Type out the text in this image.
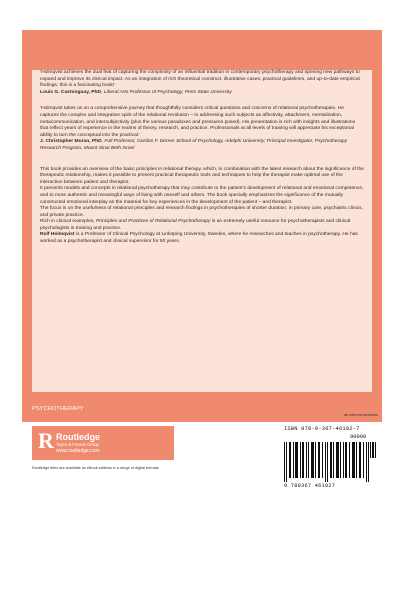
‘Holmqvist achieves the dual feat of capturing the complexity of an influential tradition in contemporary psychotherapy and opening new pathways to expand and improve its clinical impact. As an integration of rich theoretical construct, illustrative cases, practical guidelines, and up-to-date empirical findings, this is a fascinating book!’

Louis G. Castonguay, PhD, Liberal Arts Professor of Psychology, Penn State University

‘Holmqvist takes us on a comprehensive journey that thoughtfully considers critical questions and concerns of relational psychotherapies. He captures the complex and integrative spirit of the relational revolution – in addressing such subjects as affectivity, attachment, mentalization, metacommunication, and intersubjectivity (plus the various paradoxes and pressures posed). His presentation is rich with insights and illustrations that reflect years of experience in the realms of theory, research, and practice. Professionals at all levels of training will appreciate his exceptional ability to turn the conceptual into the practical.’

J. Christopher Muran, PhD, Full Professor, Gordon F. Derner School of Psychology, Adelphi University; Principal Investigator, Psychotherapy Research Program, Mount Sinai Beth Israel

This book provides an overview of the basic principles in relational therapy, which, in combination with the latest research about the significance of the therapeutic relationship, makes it possible to present practical therapeutic tools and techniques to help the therapist make optimal use of the interaction between patient and therapist.

It presents models and concepts in relational psychotherapy that may contribute to the patient’s development of relational and emotional competence, and to more authentic and meaningful ways of living with oneself and others. The book specially emphasizes the significance of the mutually constructed emotional interplay as the material for key experiences in the development of the patient – and therapist.

The focus is on the usefulness of relational principles and research findings in psychotherapies of shorter duration, in primary care, psychiatric clinics, and private practice.

Rich in clinical examples, Principles and Practices of Relational Psychotherapy is an extremely useful resource for psychotherapists and clinical psychologists in training and practice.

Rolf Holmqvist is a Professor of Clinical Psychology at Linköping University, Sweden, where he researches and teaches in psychotherapy. He has worked as a psychotherapist and clinical supervisor for 50 years.

PSYCHOTHERAPY
an informa business
R Routledge
Taylor & Francis Group
www.routledge.com
Routledge titles are available as eBook editions in a range of digital formats
ISBN 978-0-367-46102-7
90000
9 780367 461027
